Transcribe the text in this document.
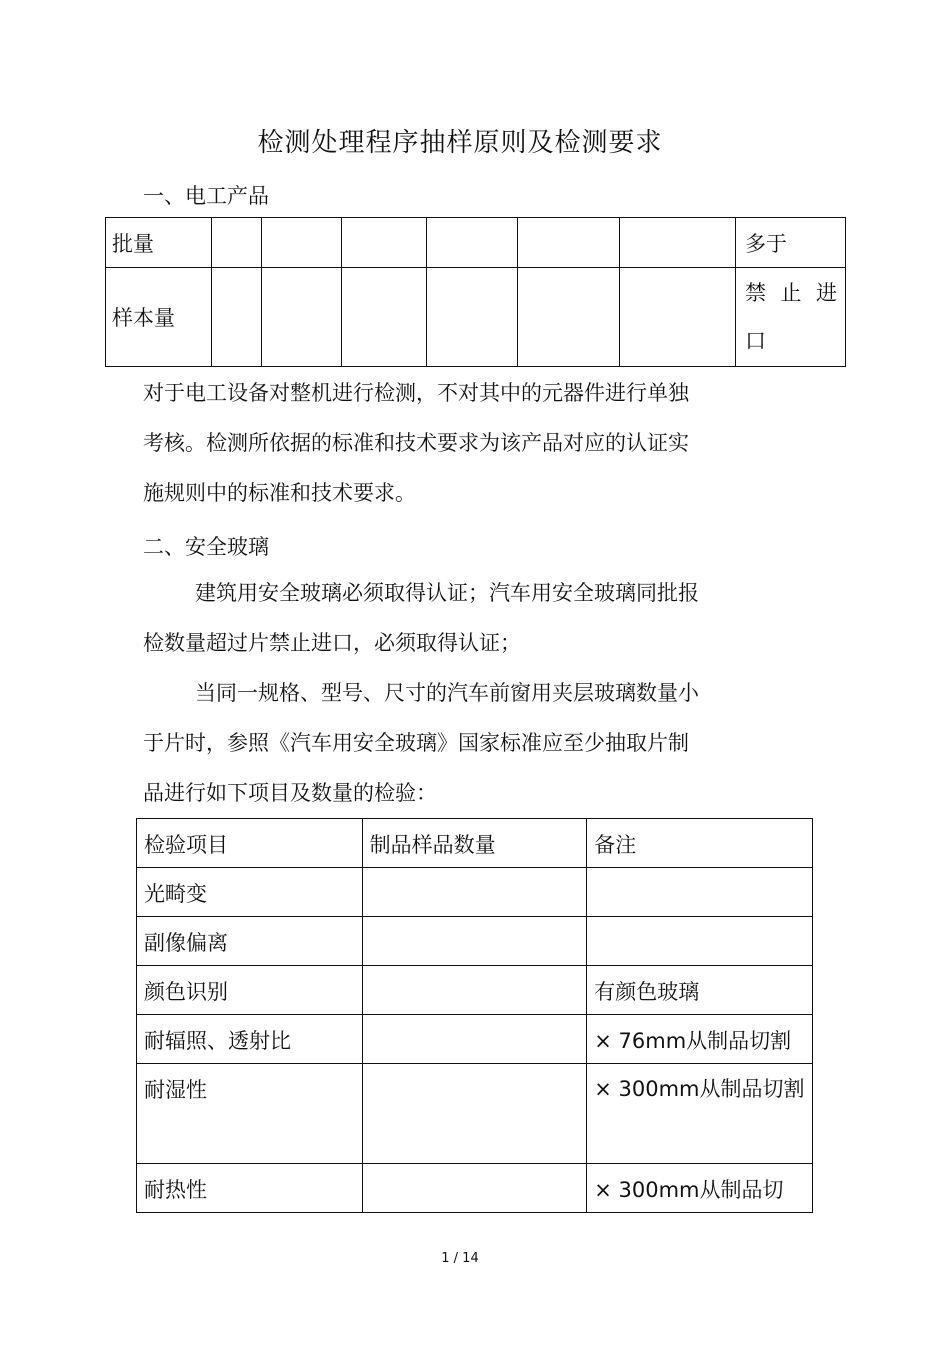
检测处理程序抽样原则及检测要求
一、电工产品
批量							多于
样本量							禁 止 进
口
对于电工设备对整机进行检测，不对其中的元器件进行单独
考核。检测所依据的标准和技术要求为该产品对应的认证实
施规则中的标准和技术要求。
二、安全玻璃
建筑用安全玻璃必须取得认证；汽车用安全玻璃同批报
检数量超过片禁止进口，必须取得认证；
当同一规格、型号、尺寸的汽车前窗用夹层玻璃数量小
于片时，参照《汽车用安全玻璃》国家标准应至少抽取片制
品进行如下项目及数量的检验：
检验项目	制品样品数量	备注
光畸变		
副像偏离		
颜色识别		有颜色玻璃
耐辐照、透射比		× 76mm从制品切割
耐湿性		× 300mm从制品切割
耐热性		× 300mm从制品切
1 / 14
